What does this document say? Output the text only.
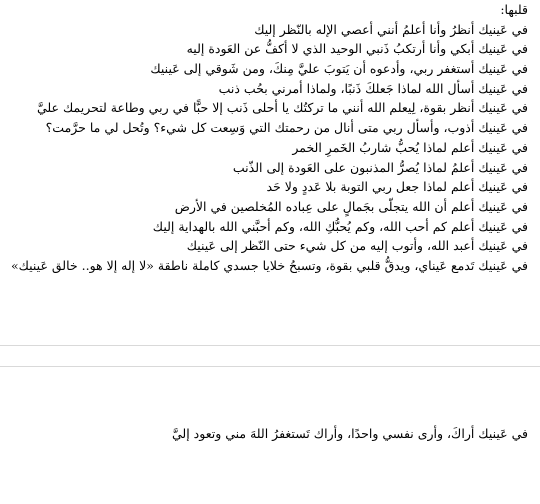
قلبها:
في عَينيك أنظرُ وأنا أعلمُ أنني أعصي الإله بالنّظر إليك
في عَينيك أبكي وأنا أرتكبُ ذَنبي الوحيد الذي لا أكفُّ عن العَودة إليه
في عَينيك أستغفر ربي، وأدعوه أن يَتوبَ عليَّ مِنكَ، ومن شَوقي إلى عَينيك
في عَينيك أسأل الله لماذا جَعلكَ ذَنبًا، ولماذا أمرني بحُب ذنب
في عَينيك أنظر بقوة، لِيعلم الله أنني ما تركتُك يا أحلى ذَنب إلا حبًّا في ربي وطاعة لتحريمك عليَّ
في عَينيك أذوب، وأسأل ربي متى أنال من رحمتك التي وَسِعت كل شيء؟ وتُحل لي ما حرَّمت؟
في عَينيك أعلم لماذا يُحبُّ شاربُ الخَمرِ الخمر
في عَينيك أعلمُ لماذا يُصرُّ المذنبون على العَودة إلى الذّنب
في عَينيك أعلم لماذا جعل ربي التوبة بلا عَددٍ ولا حَد
في عَينيك أعلم أن الله يتجلّى بجَمالٍ على عِباده المُخلصين في الأرض
في عَينيك أعلم كم أحب الله، وكم يُحبُّكِ الله، وكم أحبَّني الله بالهداية إليك
في عَينيك أعبد الله، وأتوب إليه من كل شيء حتى النّظر إلى عَينيك
في عَينيك تَدمع عَيناي، ويدقُّ قلبي بقوة، وتسبحُ خلايا جسدي كاملة ناطقة «لا إله إلا هو.. خالق عَينيك»
في عَينيك أراكَ، وأرى نفسي واحدًا، وأراك تَستغفرُ اللهَ مني وتعود إليَّ
